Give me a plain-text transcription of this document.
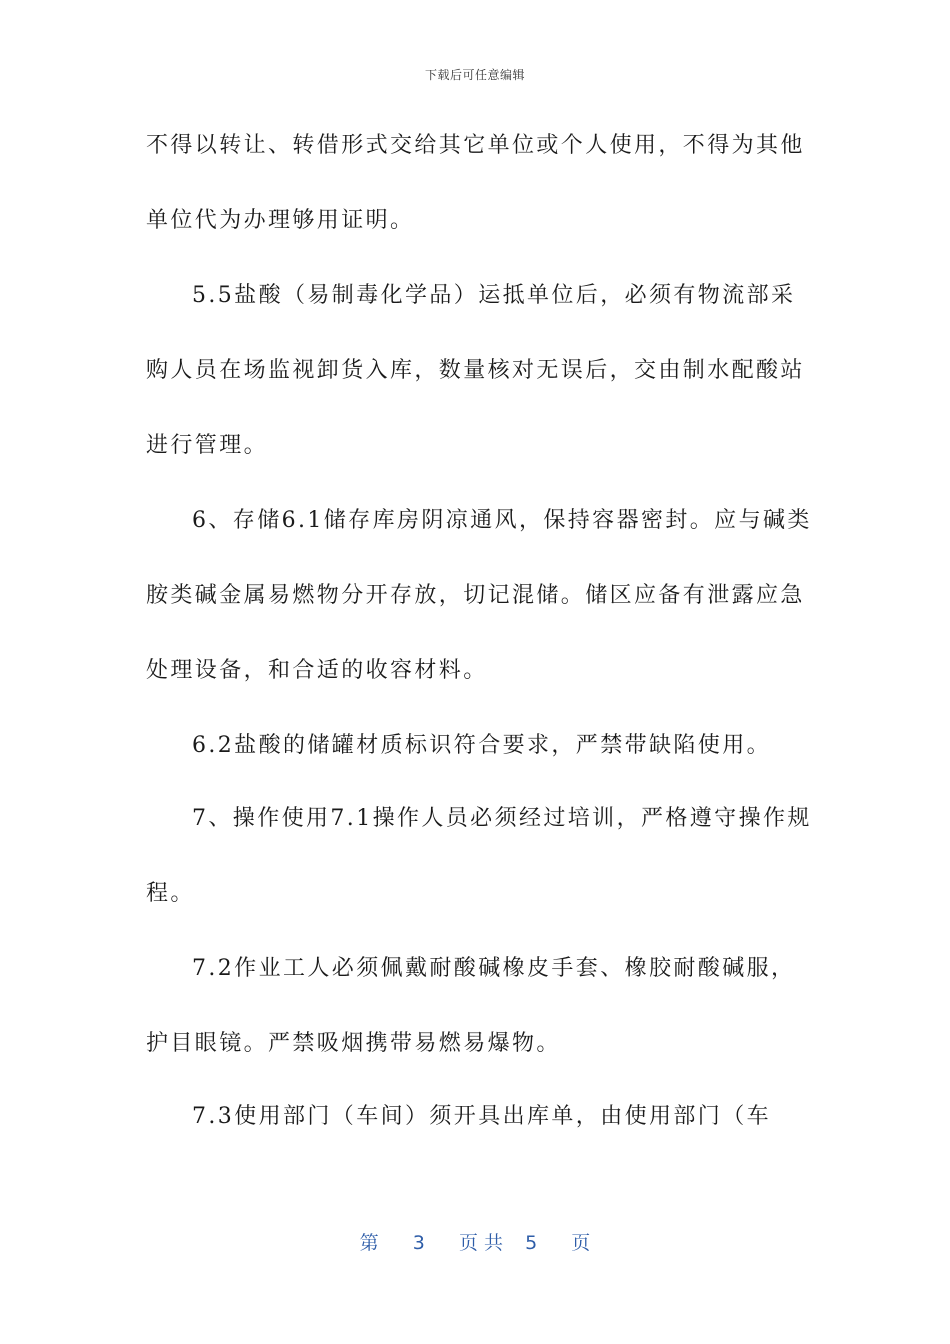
下载后可任意编辑
不得以转让、转借形式交给其它单位或个人使用，不得为其他
单位代为办理够用证明。
5.5盐酸（易制毒化学品）运抵单位后，必须有物流部采
购人员在场监视卸货入库，数量核对无误后，交由制水配酸站
进行管理。
6、存储6.1储存库房阴凉通风，保持容器密封。应与碱类
胺类碱金属易燃物分开存放，切记混储。储区应备有泄露应急
处理设备，和合适的收容材料。
6.2盐酸的储罐材质标识符合要求，严禁带缺陷使用。
7、操作使用7.1操作人员必须经过培训，严格遵守操作规
程。
7.2作业工人必须佩戴耐酸碱橡皮手套、橡胶耐酸碱服，
护目眼镜。严禁吸烟携带易燃易爆物。
7.3使用部门（车间）须开具出库单，由使用部门（车
第 3 页 共 5 页
